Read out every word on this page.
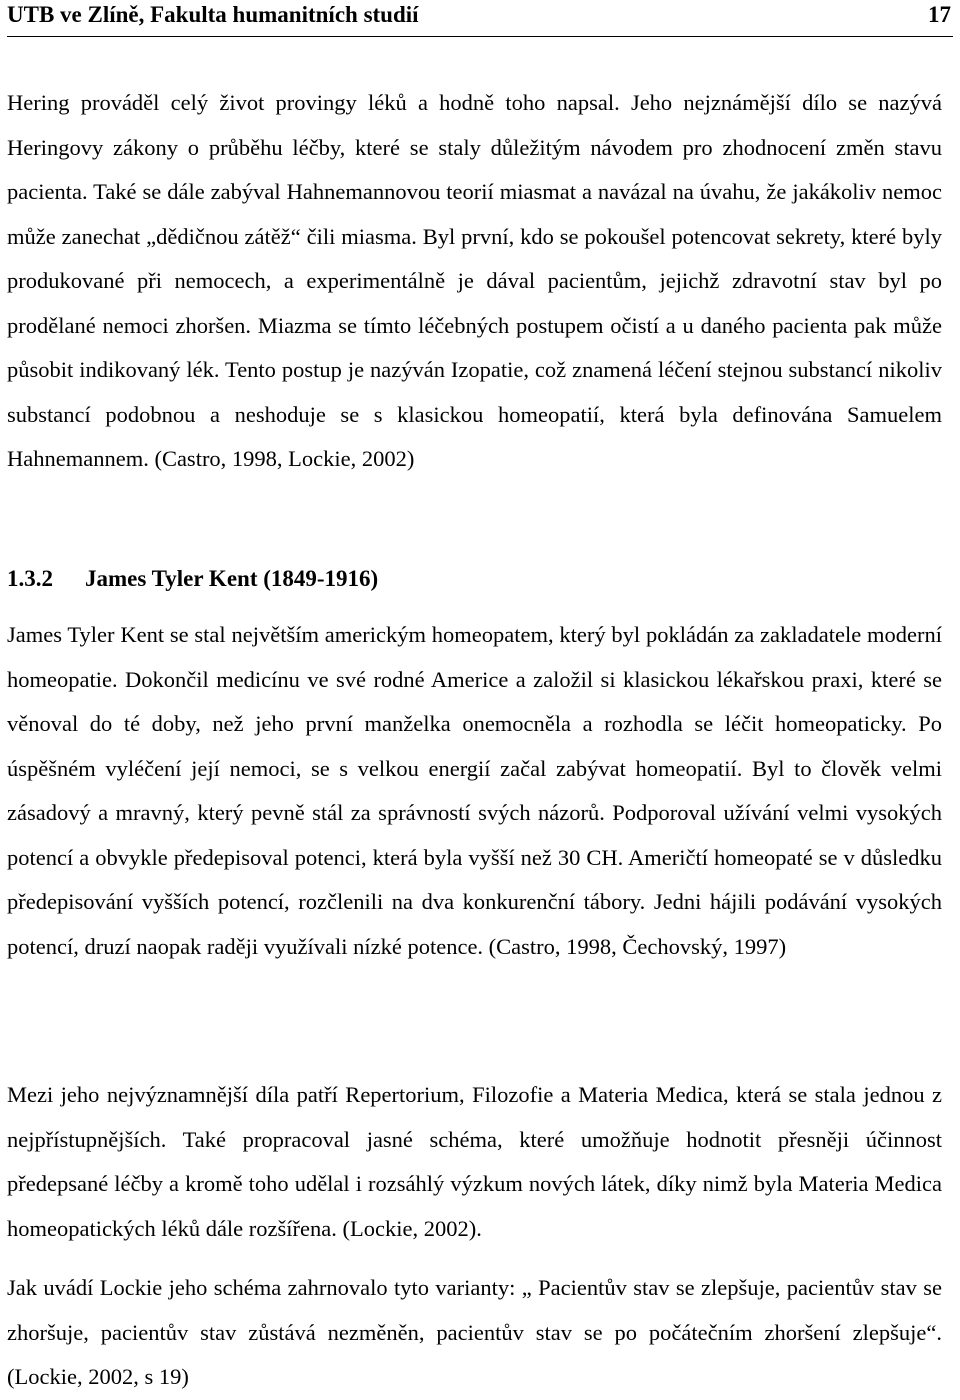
UTB ve Zlíně, Fakulta humanitních studií	17

Hering prováděl celý život provingy léků a hodně toho napsal. Jeho nejznámější dílo se nazývá Heringovy zákony o průběhu léčby, které se staly důležitým návodem pro zhodnocení změn stavu pacienta. Také se dále zabýval Hahnemannovou teorií miasmat a navázal na úvahu, že jakákoliv nemoc může zanechat „dědičnou zátěž“ čili miasma. Byl první, kdo se pokoušel potencovat sekrety, které byly produkované při nemocech, a experimentálně je dával pacientům, jejichž zdravotní stav byl po prodělané nemoci zhoršen. Miazma se tímto léčebných postupem očistí a u daného pacienta pak může působit indikovaný lék. Tento postup je nazýván Izopatie, což znamená léčení stejnou substancí nikoliv substancí podobnou a neshoduje se s klasickou homeopatií, která byla definována Samuelem Hahnemannem. (Castro, 1998, Lockie, 2002)

1.3.2 James Tyler Kent (1849-1916)

James Tyler Kent se stal největším americkým homeopatem, který byl pokládán za zakladatele moderní homeopatie. Dokončil medicínu ve své rodné Americe a založil si klasickou lékařskou praxi, které se věnoval do té doby, než jeho první manželka onemocněla a rozhodla se léčit homeopaticky. Po úspěšném vyléčení její nemoci, se s velkou energií začal zabývat homeopatií. Byl to člověk velmi zásadový a mravný, který pevně stál za správností svých názorů. Podporoval užívání velmi vysokých potencí a obvykle předepisoval potenci, která byla vyšší než 30 CH. Američtí homeopaté se v důsledku předepisování vyšších potencí, rozčlenili na dva konkurenční tábory. Jedni hájili podávání vysokých potencí, druzí naopak raději využívali nízké potence. (Castro, 1998, Čechovský, 1997)

Mezi jeho nejvýznamnější díla patří Repertorium, Filozofie a Materia Medica, která se stala jednou z nejpřístupnějších. Také propracoval jasné schéma, které umožňuje hodnotit přesněji účinnost předepsané léčby a kromě toho udělal i rozsáhlý výzkum nových látek, díky nimž byla Materia Medica homeopatických léků dále rozšířena. (Lockie, 2002).

Jak uvádí Lockie jeho schéma zahrnovalo tyto varianty: „ Pacientův stav se zlepšuje, pacientův stav se zhoršuje, pacientův stav zůstává nezměněn, pacientův stav se po počátečním zhoršení zlepšuje“. (Lockie, 2002, s 19)
